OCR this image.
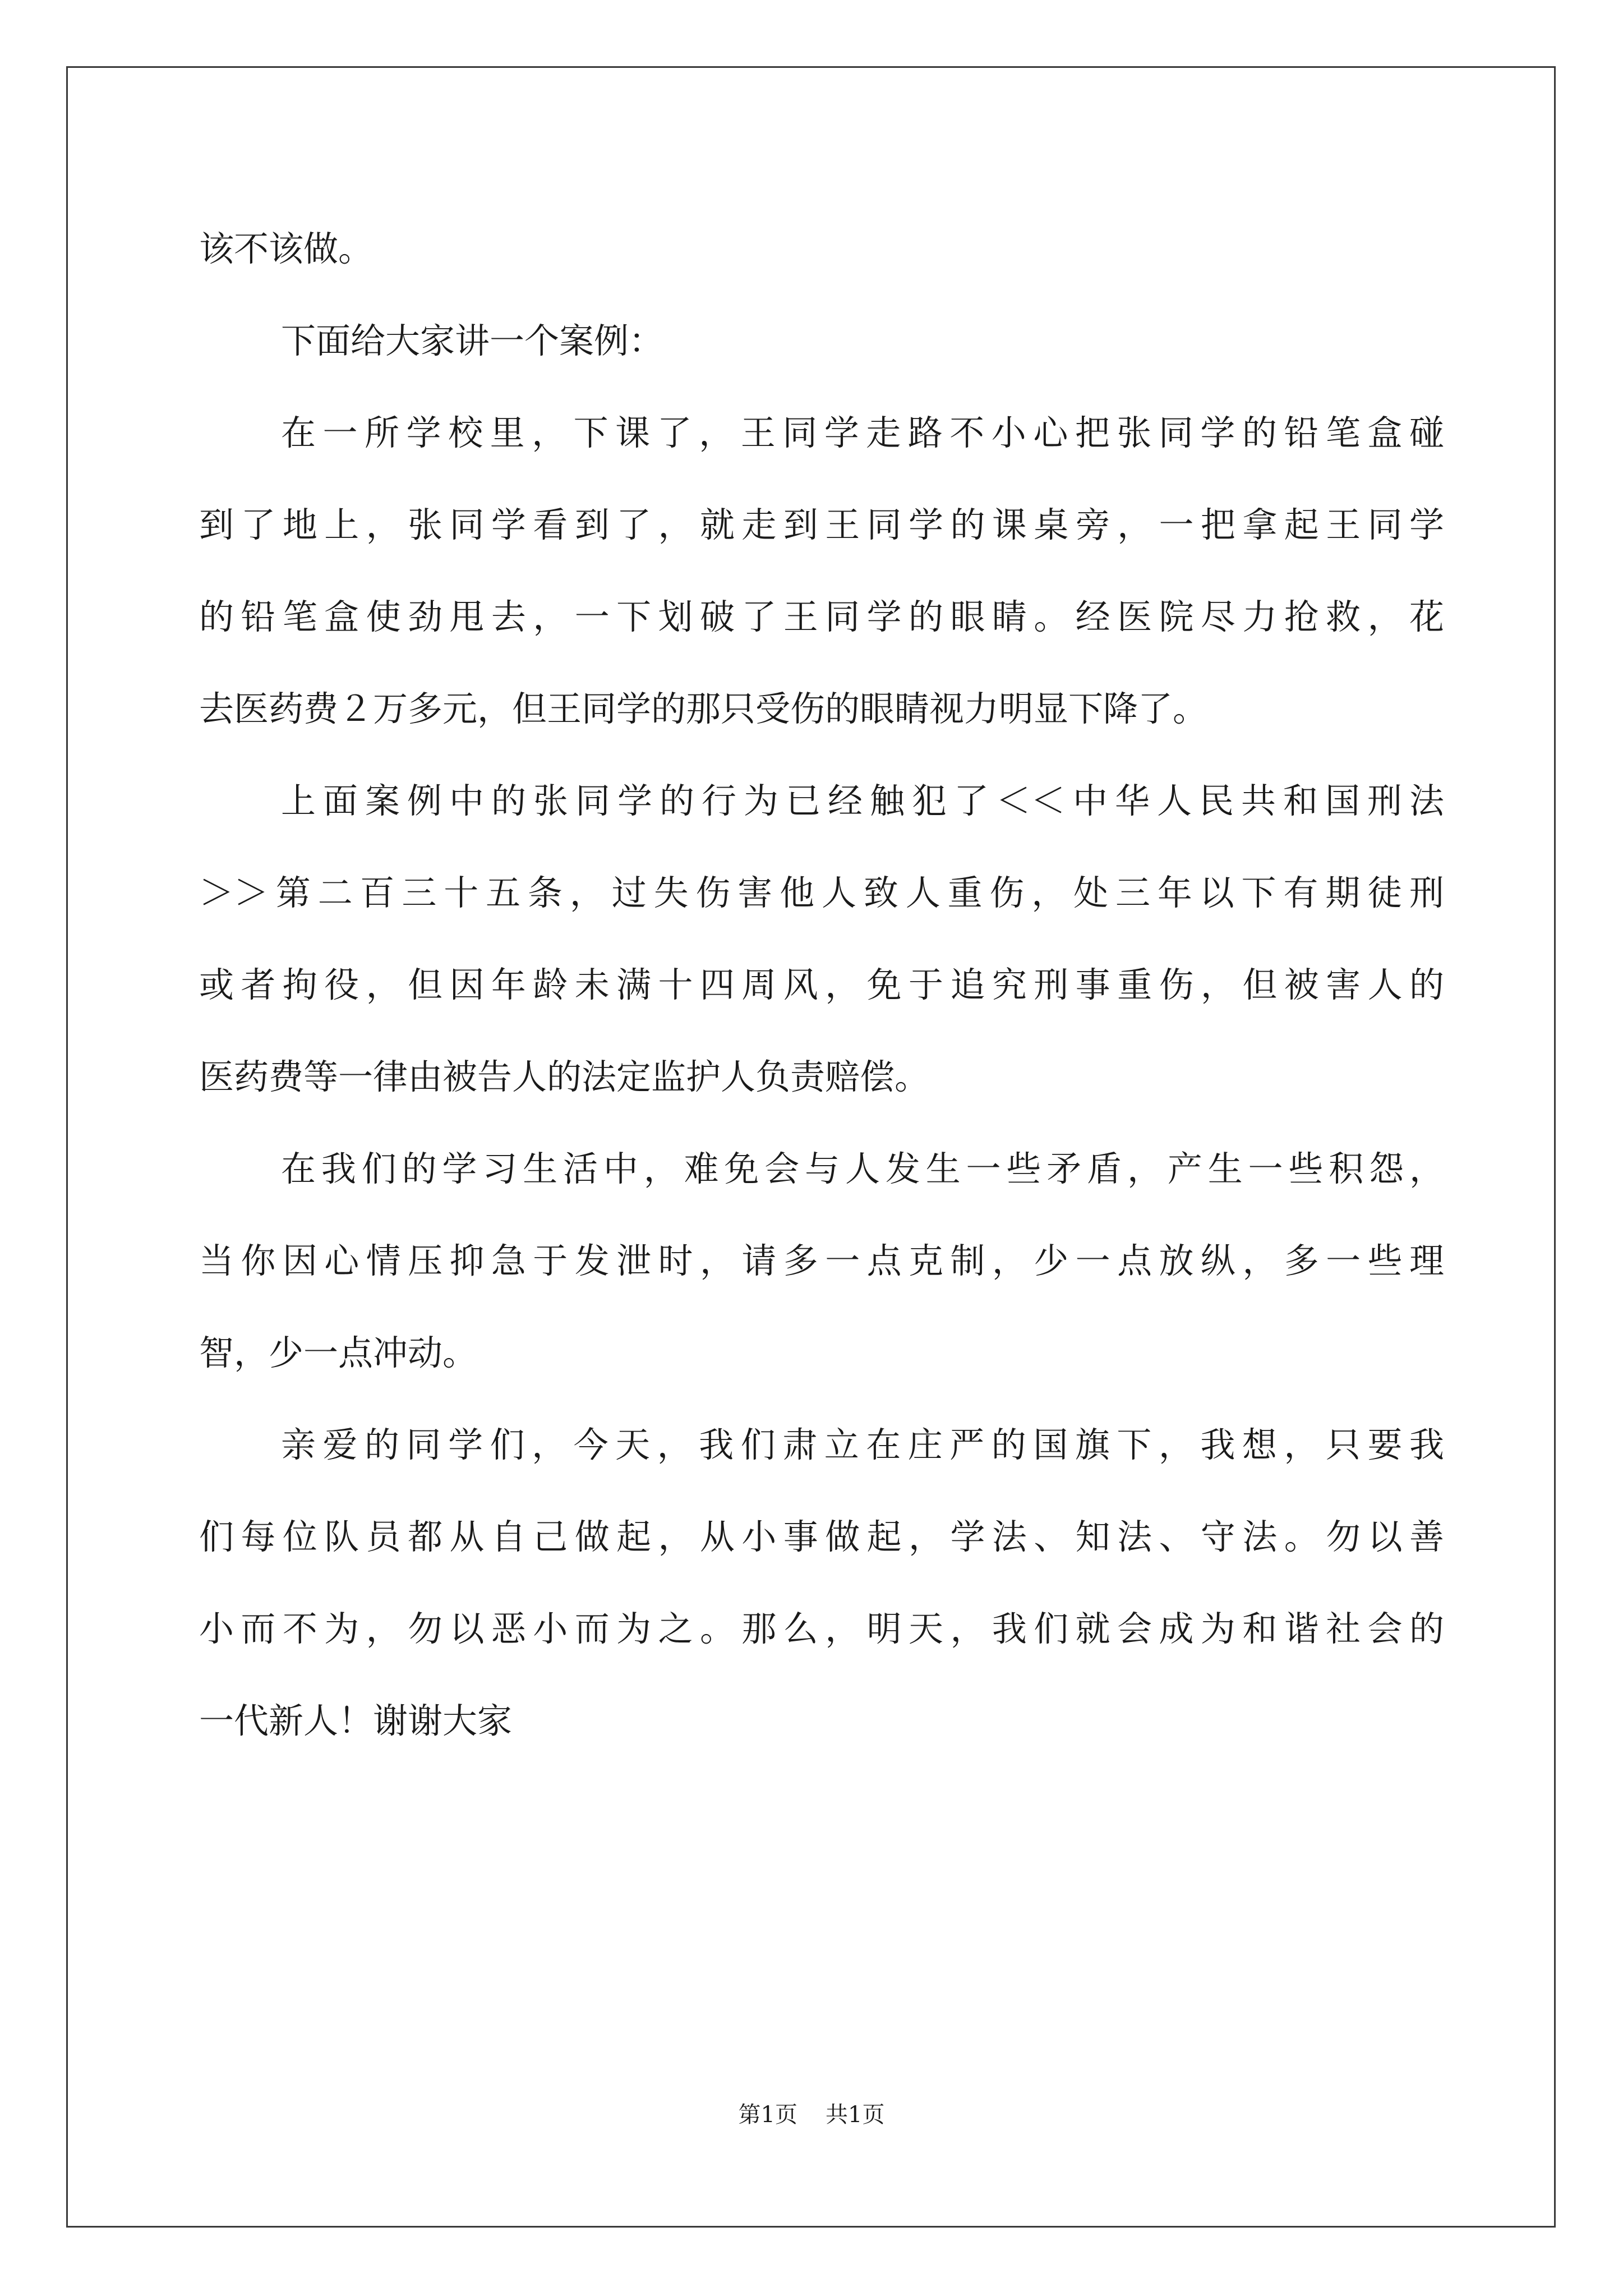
该不该做。
下面给大家讲一个案例：
在一所学校里，下课了，王同学走路不小心把张同学的铅笔盒碰
到了地上，张同学看到了，就走到王同学的课桌旁，一把拿起王同学
的铅笔盒使劲甩去，一下划破了王同学的眼睛。经医院尽力抢救，花
去医药费２万多元，但王同学的那只受伤的眼睛视力明显下降了。
上面案例中的张同学的行为已经触犯了＜＜中华人民共和国刑法
＞＞第二百三十五条，过失伤害他人致人重伤，处三年以下有期徒刑
或者拘役，但因年龄未满十四周风，免于追究刑事重伤，但被害人的
医药费等一律由被告人的法定监护人负责赔偿。
在我们的学习生活中，难免会与人发生一些矛盾，产生一些积怨，
当你因心情压抑急于发泄时，请多一点克制，少一点放纵，多一些理
智，少一点冲动。
亲爱的同学们，今天，我们肃立在庄严的国旗下，我想，只要我
们每位队员都从自己做起，从小事做起，学法、知法、守法。勿以善
小而不为，勿以恶小而为之。那么，明天，我们就会成为和谐社会的
一代新人！谢谢大家
第1页 共1页
